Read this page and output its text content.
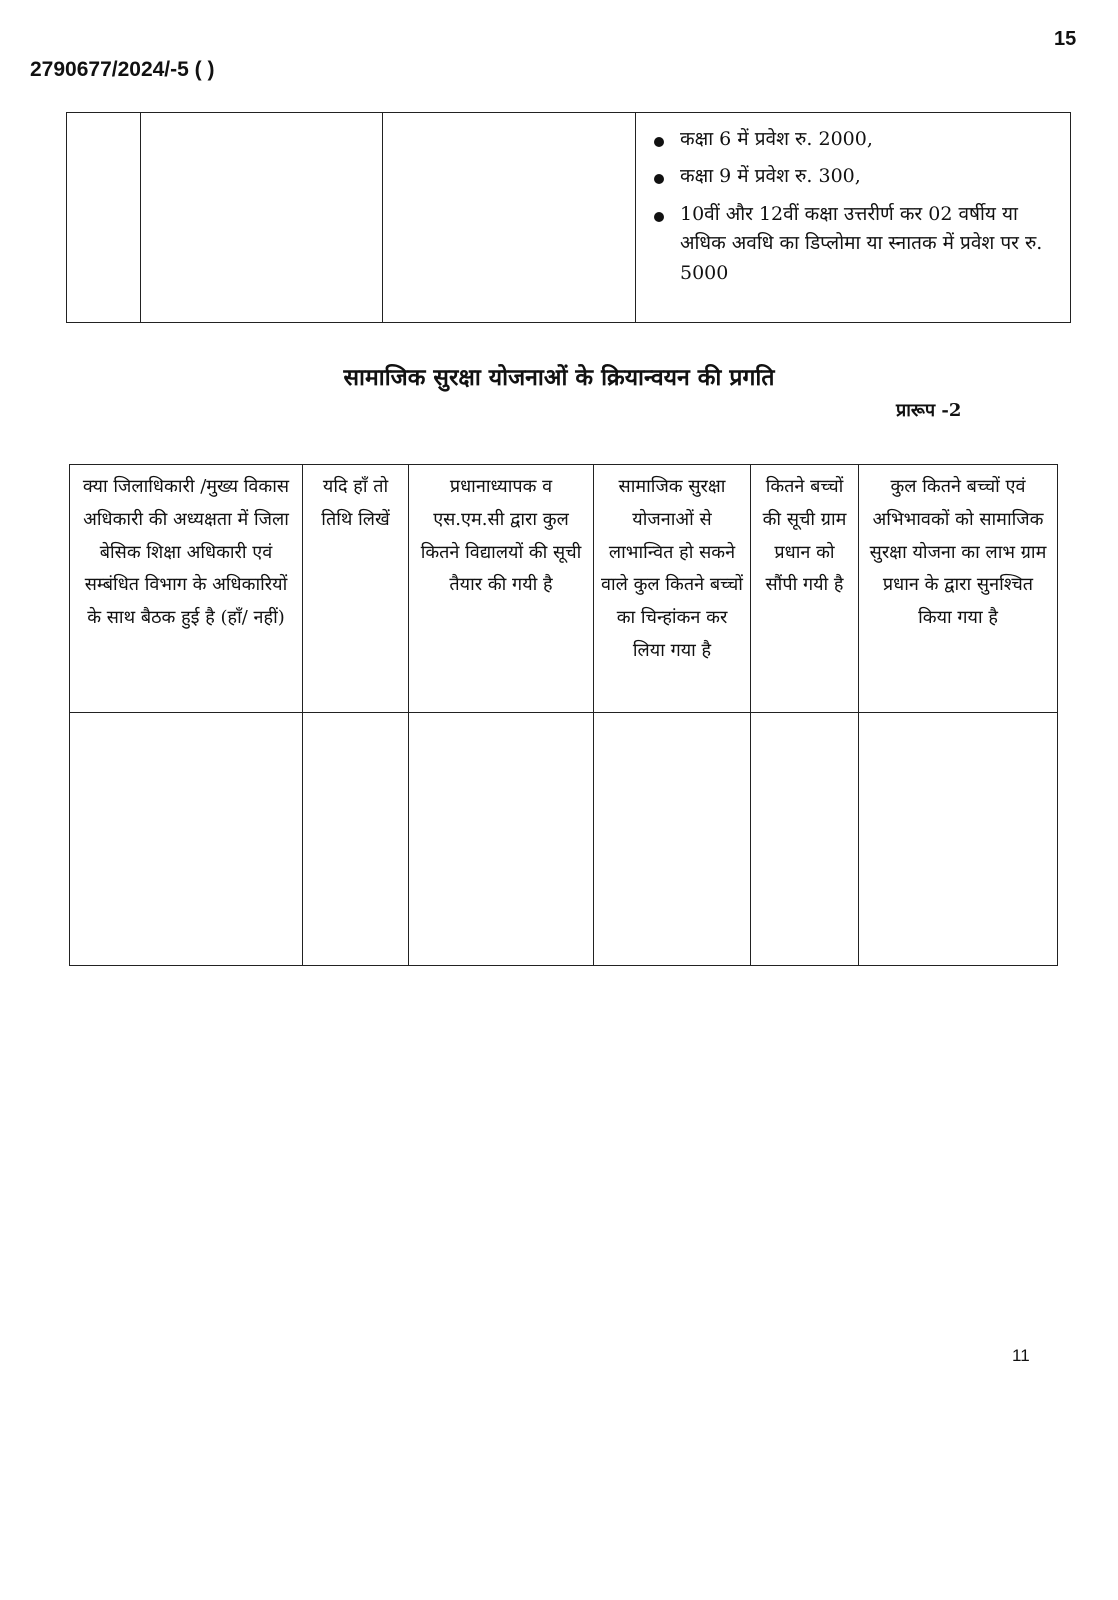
2790677/2024/-5 ( )
15

कक्षा 6 में प्रवेश रु. 2000,
कक्षा 9 में प्रवेश रु. 300,
10वीं और 12वीं कक्षा उत्तरीर्ण कर 02 वर्षीय या अधिक अवधि का डिप्लोमा या स्नातक में प्रवेश पर रु. 5000
सामाजिक सुरक्षा योजनाओं के क्रियान्वयन की प्रगति
प्रारूप -2
क्या जिलाधिकारी /मुख्य विकास अधिकारी की अध्यक्षता में जिला बेसिक शिक्षा अधिकारी एवं सम्बंधित विभाग के अधिकारियों के साथ बैठक हुई है (हाँ/ नहीं)	यदि हाँ तो तिथि लिखें	प्रधानाध्यापक व एस.एम.सी द्वारा कुल कितने विद्यालयों की सूची तैयार की गयी है	सामाजिक सुरक्षा योजनाओं से लाभान्वित हो सकने वाले कुल कितने बच्चों का चिन्हांकन कर लिया गया है	कितने बच्चों की सूची ग्राम प्रधान को सौंपी गयी है	कुल कितने बच्चों एवं अभिभावकों को सामाजिक सुरक्षा योजना का लाभ ग्राम प्रधान के द्वारा सुनश्चित किया गया है

11
